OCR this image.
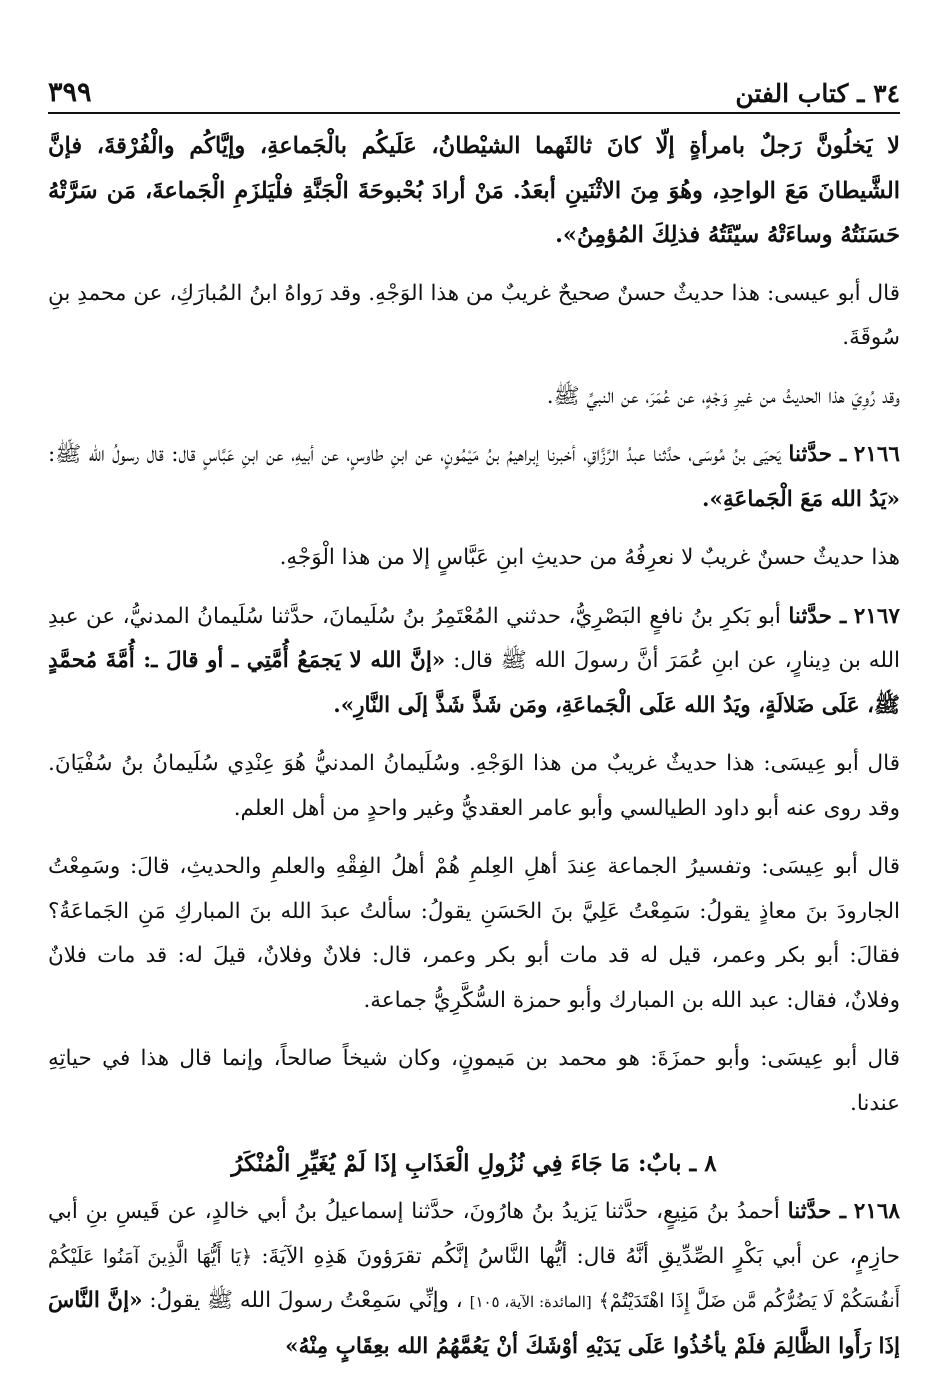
٣٤ ـ كتاب الفتن
٣٩٩

لا يَخلُونَّ رَجلٌ بامرأةٍ إلّا كانَ ثالثَهما الشيْطانُ، عَلَيكُم بالْجَماعةِ، وإيَّاكُم والْفُرْقةَ، فإنَّ الشَّيطانَ مَعَ الواحِدِ، وهُوَ مِنَ الاثْنَينِ أبعَدُ. مَنْ أرادَ بُحْبوحَةَ الْجَنَّةِ فلْيَلزَمِ الْجَماعةَ، مَن سَرَّتْهُ حَسَنَتُهُ وساءَتْهُ سيّئَتُهُ فذلِكَ المُؤمِنُ».

قال أبو عيسى: هذا حديثٌ حسنٌ صحيحٌ غريبٌ من هذا الوَجْهِ. وقد رَواهُ ابنُ المُبارَكِ، عن محمدِ بنِ سُوقَةَ.

وقد رُوِيَ هذا الحديثُ من غيرِ وَجْهٍ، عن عُمَرَ، عن النبيِّ ﷺ.

٢١٦٦ ـ حدَّثنا يَحيَى بنُ مُوسَى، حدَّثنا عبدُ الرَّزَّاقِ، أخبرنا إبراهيمُ بنُ مَيْمُونٍ، عن ابنِ طاوسٍ، عن أبيهِ، عن ابنِ عَبَّاسٍ قال: قال رسولُ الله ﷺ: «يَدُ الله مَعَ الْجَماعَةِ».

هذا حديثٌ حسنٌ غريبٌ لا نعرِفُهُ من حديثِ ابنِ عَبَّاسٍ إلا من هذا الْوَجْهِ.

٢١٦٧ ـ حدَّثنا أبو بَكرِ بنُ نافعٍ البَصْرِيُّ، حدثني المُعْتَمِرُ بنُ سُلَيمانَ، حدَّثنا سُلَيمانُ المدنيُّ، عن عبدِ الله بن دِينارٍ، عن ابنِ عُمَرَ أنَّ رسولَ الله ﷺ قال: «إنَّ الله لا يَجمَعُ أُمَّتِي ـ أو قالَ ـ: أُمَّةَ مُحمَّدٍ ﷺ، عَلَى ضَلالَةٍ، ويَدُ الله عَلَى الْجَماعَةِ، ومَن شَذَّ شَذَّ إلَى النَّارِ».

قال أبو عِيسَى: هذا حديثٌ غريبٌ من هذا الوَجْهِ. وسُلَيمانُ المدنيُّ هُوَ عِنْدِي سُلَيمانُ بنُ سُفْيَانَ. وقد روى عنه أبو داود الطيالسي وأبو عامر العقديُّ وغير واحدٍ من أهل العلم.

قال أبو عِيسَى: وتفسيرُ الجماعة عِندَ أهلِ العِلمِ هُمْ أهلُ الفِقْهِ والعلمِ والحديثِ، قالَ: وسَمِعْتُ الجارودَ بنَ معاذٍ يقولُ: سَمِعْتُ عَلِيَّ بنَ الحَسَنِ يقولُ: سألتُ عبدَ الله بنَ المباركِ مَنِ الجَماعَةُ؟ فقالَ: أبو بكر وعمر، قيل له قد مات أبو بكر وعمر، قال: فلانٌ وفلانٌ، قيلَ له: قد مات فلانٌ وفلانٌ، فقال: عبد الله بن المبارك وأبو حمزة السُّكَّرِيُّ جماعة.

قال أبو عِيسَى: وأبو حمزَةَ: هو محمد بن مَيمونٍ، وكان شيخاً صالحاً، وإنما قال هذا في حياتِهِ عندنا.

٨ ـ بابٌ: مَا جَاءَ فِي نُزُولِ الْعَذَابِ إذَا لَمْ يُغَيِّرِ الْمُنْكَرُ

٢١٦٨ ـ حدَّثنا أحمدُ بنُ مَنِيعٍ، حدَّثنا يَزيدُ بنُ هارُونَ، حدَّثنا إسماعيلُ بنُ أبي خالدٍ، عن قَيسِ بنِ أبي حازِمٍ، عن أبي بَكْرٍ الصِّدِّيقِ أنَّهُ قال: أيُّها النَّاسُ إنَّكُم تقرَؤونَ هَذِهِ الآيَةَ: ﴿يَا أَيُّهَا الَّذِينَ آمَنُوا عَلَيْكُمْ أَنفُسَكُمْ لَا يَضُرُّكُم مَّن ضَلَّ إِذَا اهْتَدَيْتُمْ﴾ [المائدة: الآية، ١٠٥] ، وإنِّي سَمِعْتُ رسولَ الله ﷺ يقولُ: «إنَّ النَّاسَ إذَا رَأَوا الظَّالِمَ فلَمْ يأخُذُوا عَلَى يَدَيْهِ أوْشَكَ أنْ يَعُمَّهُمُ الله بعِقَابٍ مِنْهُ»
